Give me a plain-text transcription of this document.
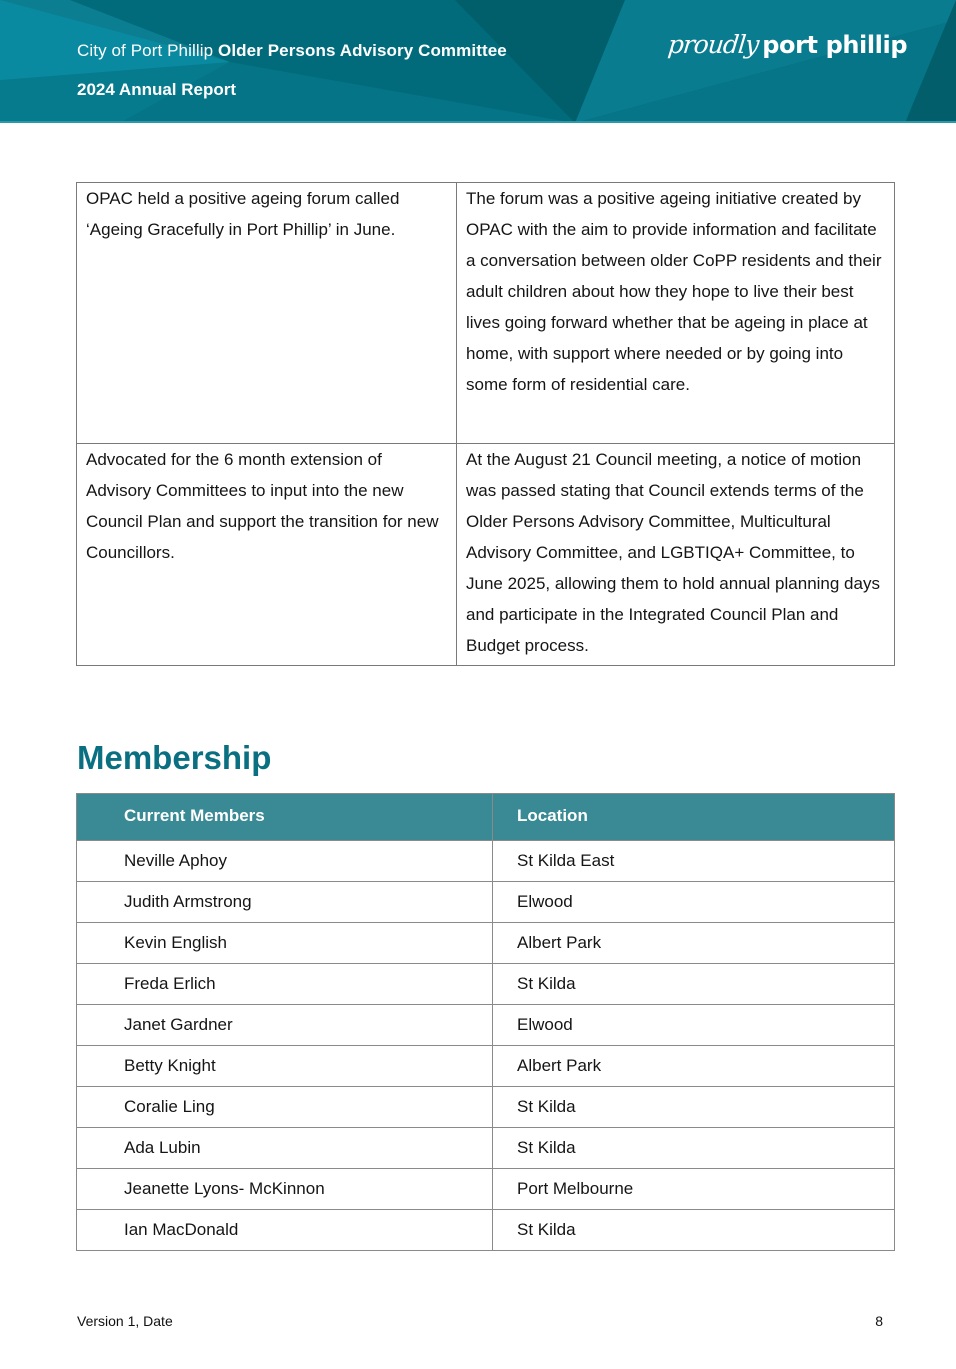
City of Port Phillip Older Persons Advisory Committee
2024 Annual Report
proudly port phillip
OPAC held a positive ageing forum called ‘Ageing Gracefully in Port Phillip’ in June.	The forum was a positive ageing initiative created by OPAC with the aim to provide information and facilitate a conversation between older CoPP residents and their adult children about how they hope to live their best lives going forward whether that be ageing in place at home, with support where needed or by going into some form of residential care.
Advocated for the 6 month extension of Advisory Committees to input into the new Council Plan and support the transition for new Councillors.	At the August 21 Council meeting, a notice of motion was passed stating that Council extends terms of the Older Persons Advisory Committee, Multicultural Advisory Committee, and LGBTIQA+ Committee, to June 2025, allowing them to hold annual planning days and participate in the Integrated Council Plan and Budget process.
Membership
Current Members	Location
Neville Aphoy	St Kilda East
Judith Armstrong	Elwood
Kevin English	Albert Park
Freda Erlich	St Kilda
Janet Gardner	Elwood
Betty Knight	Albert Park
Coralie Ling	St Kilda
Ada Lubin	St Kilda
Jeanette Lyons- McKinnon	Port Melbourne
Ian MacDonald	St Kilda
Version 1, Date	8
